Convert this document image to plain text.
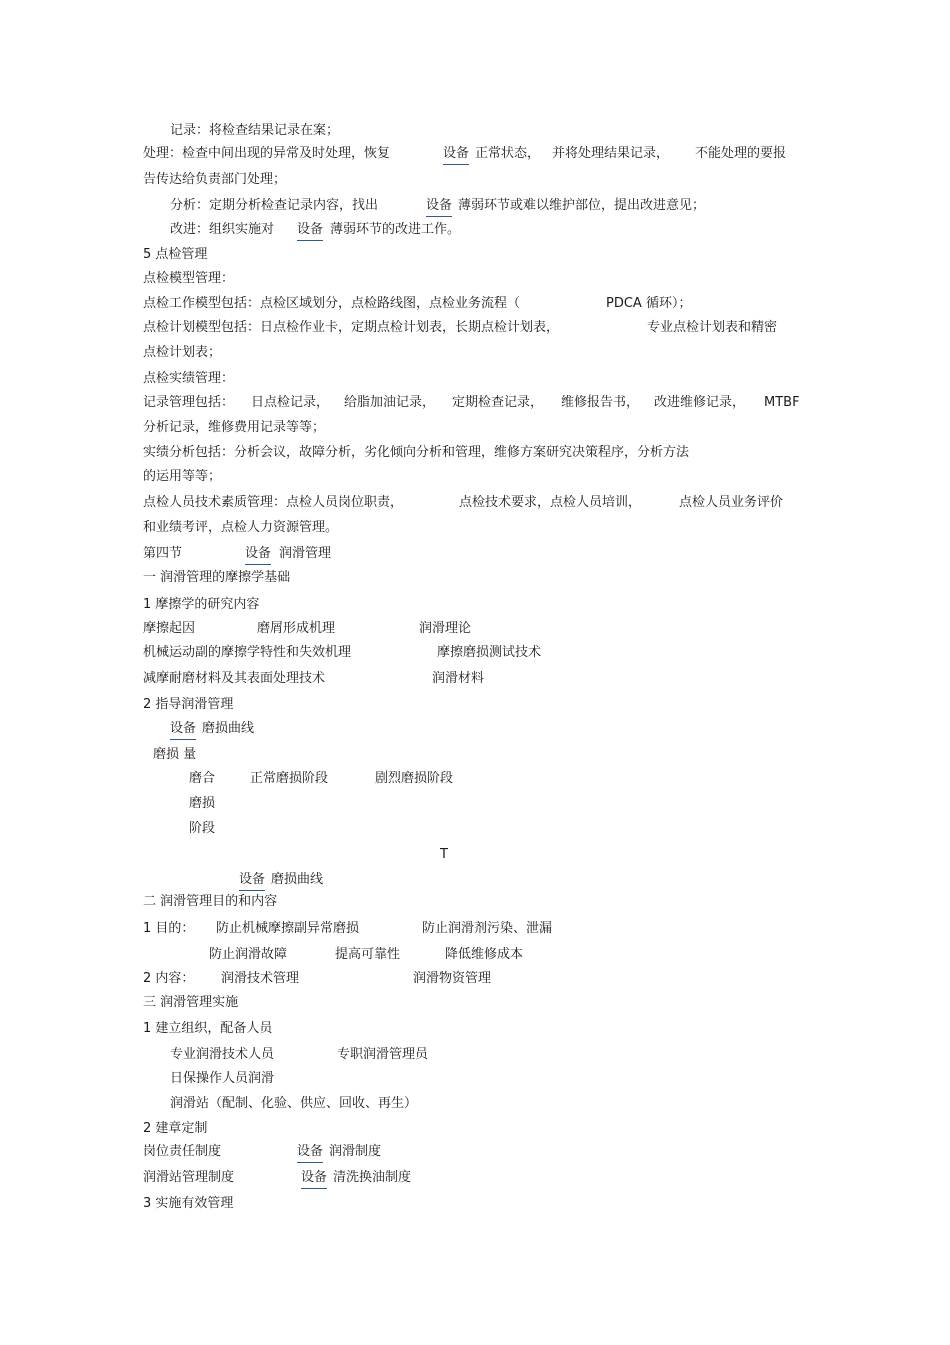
记录：将检查结果记录在案；
处理：检查中间出现的异常及时处理，恢复	设备 正常状态， 并将处理结果记录， 不能处理的要报
告传达给负责部门处理；
分析：定期分析检查记录内容，找出	设备 薄弱环节或难以维护部位，提出改进意见；
改进：组织实施对 设备 薄弱环节的改进工作。
5 点检管理
点检模型管理：
点检工作模型包括：点检区域划分，点检路线图，点检业务流程（	PDCA 循环）；
点检计划模型包括：日点检作业卡，定期点检计划表，长期点检计划表，	专业点检计划表和精密
点检计划表；
点检实绩管理：
记录管理包括： 日点检记录， 给脂加油记录， 定期检查记录， 维修报告书， 改进维修记录， MTBF
分析记录，维修费用记录等等；
实绩分析包括：分析会议，故障分析，劣化倾向分析和管理，维修方案研究决策程序，分析方法
的运用等等；
点检人员技术素质管理：点检人员岗位职责，	点检技术要求，点检人员培训，	点检人员业务评价
和业绩考评，点检人力资源管理。
第四节	设备 润滑管理
一 润滑管理的摩擦学基础
1 摩擦学的研究内容
摩擦起因	磨屑形成机理	润滑理论
机械运动副的摩擦学特性和失效机理	摩擦磨损测试技术
减摩耐磨材料及其表面处理技术	润滑材料
2 指导润滑管理
设备 磨损曲线
磨损 量
磨合	正常磨损阶段	剧烈磨损阶段
磨损
阶段
T
设备 磨损曲线
二 润滑管理目的和内容
1 目的： 防止机械摩擦副异常磨损	防止润滑剂污染、泄漏
防止润滑故障	提高可靠性	降低维修成本
2 内容： 润滑技术管理	润滑物资管理
三 润滑管理实施
1 建立组织，配备人员
专业润滑技术人员	专职润滑管理员
日保操作人员润滑
润滑站（配制、化验、供应、回收、再生）
2 建章定制
岗位责任制度	设备 润滑制度
润滑站管理制度	设备 清洗换油制度
3 实施有效管理
